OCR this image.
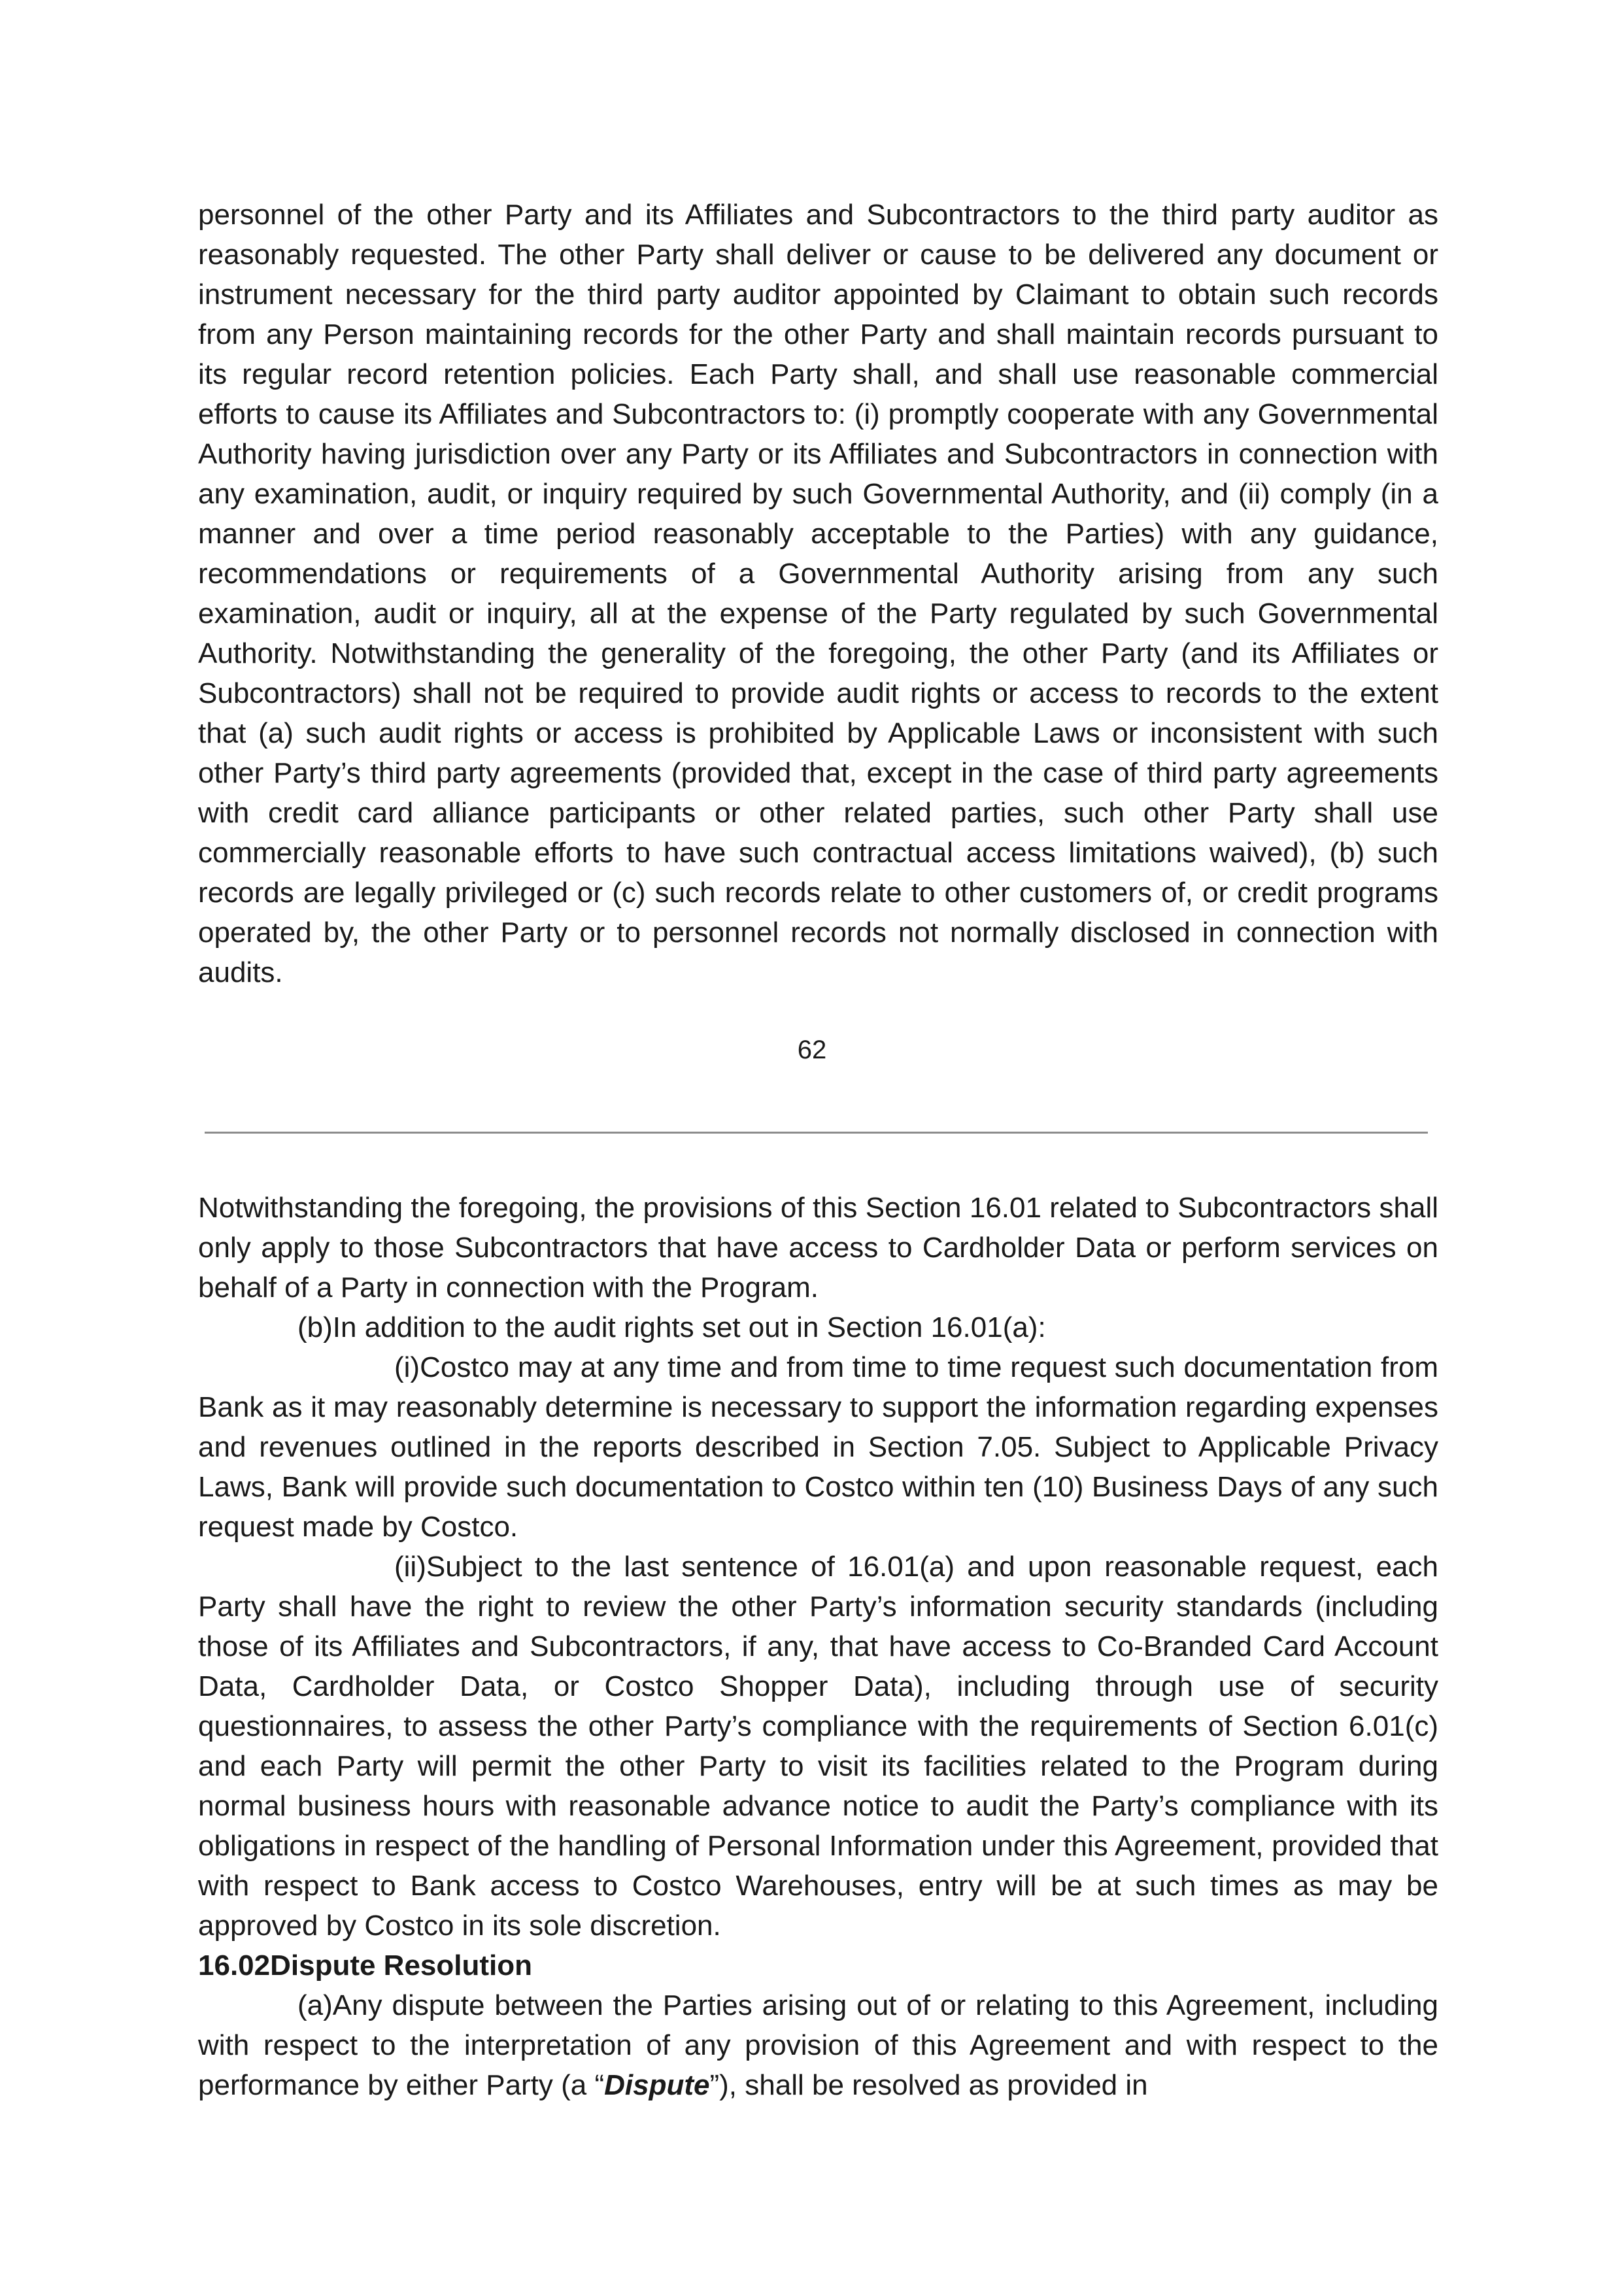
personnel of the other Party and its Affiliates and Subcontractors to the third party auditor as reasonably requested. The other Party shall deliver or cause to be delivered any document or instrument necessary for the third party auditor appointed by Claimant to obtain such records from any Person maintaining records for the other Party and shall maintain records pursuant to its regular record retention policies. Each Party shall, and shall use reasonable commercial efforts to cause its Affiliates and Subcontractors to: (i) promptly cooperate with any Governmental Authority having jurisdiction over any Party or its Affiliates and Subcontractors in connection with any examination, audit, or inquiry required by such Governmental Authority, and (ii) comply (in a manner and over a time period reasonably acceptable to the Parties) with any guidance, recommendations or requirements of a Governmental Authority arising from any such examination, audit or inquiry, all at the expense of the Party regulated by such Governmental Authority. Notwithstanding the generality of the foregoing, the other Party (and its Affiliates or Subcontractors) shall not be required to provide audit rights or access to records to the extent that (a) such audit rights or access is prohibited by Applicable Laws or inconsistent with such other Party’s third party agreements (provided that, except in the case of third party agreements with credit card alliance participants or other related parties, such other Party shall use commercially reasonable efforts to have such contractual access limitations waived), (b) such records are legally privileged or (c) such records relate to other customers of, or credit programs operated by, the other Party or to personnel records not normally disclosed in connection with audits.

62

Notwithstanding the foregoing, the provisions of this Section 16.01 related to Subcontractors shall only apply to those Subcontractors that have access to Cardholder Data or perform services on behalf of a Party in connection with the Program.

(b)In addition to the audit rights set out in Section 16.01(a):

(i)Costco may at any time and from time to time request such documentation from Bank as it may reasonably determine is necessary to support the information regarding expenses and revenues outlined in the reports described in Section 7.05. Subject to Applicable Privacy Laws, Bank will provide such documentation to Costco within ten (10) Business Days of any such request made by Costco.

(ii)Subject to the last sentence of 16.01(a) and upon reasonable request, each Party shall have the right to review the other Party’s information security standards (including those of its Affiliates and Subcontractors, if any, that have access to Co-Branded Card Account Data, Cardholder Data, or Costco Shopper Data), including through use of security questionnaires, to assess the other Party’s compliance with the requirements of Section 6.01(c) and each Party will permit the other Party to visit its facilities related to the Program during normal business hours with reasonable advance notice to audit the Party’s compliance with its obligations in respect of the handling of Personal Information under this Agreement, provided that with respect to Bank access to Costco Warehouses, entry will be at such times as may be approved by Costco in its sole discretion.

16.02Dispute Resolution

(a)Any dispute between the Parties arising out of or relating to this Agreement, including with respect to the interpretation of any provision of this Agreement and with respect to the performance by either Party (a “Dispute”), shall be resolved as provided in
